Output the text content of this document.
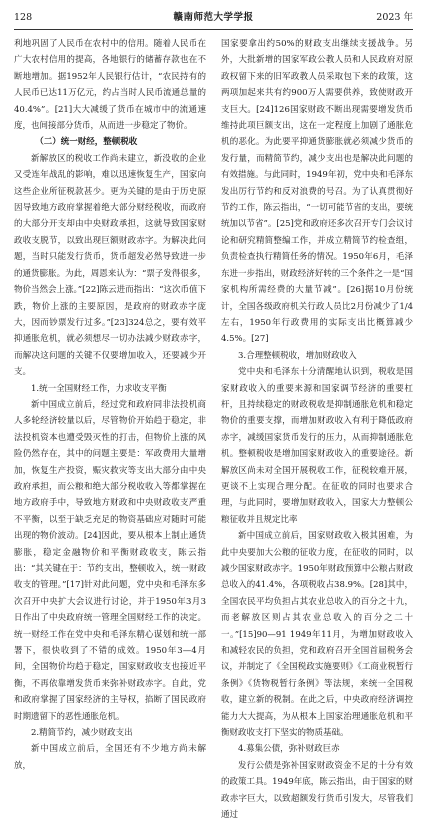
128	赣南师范大学学报	2023 年

利地巩固了人民币在农村中的信用。随着人民币在广大农村信用的提高，各地银行的储蓄存款也在不断地增加。据1952年人民银行估计，“农民持有的人民币已达11万亿元，约占当时人民币流通总量的40.4%”。[21]大大减缓了货币在城市中的流通速度，也间接部分货币，从而进一步稳定了物价。

（二）统一财经，整顿税收

新解放区的税收工作尚未建立，新没收的企业又受连年战乱的影响，难以迅速恢复生产，国家向这些企业所征税款甚少。更为关键的是由于历史原因导致地方政府掌握着绝大部分财经税收，而政府的大部分开支却由中央财政承担，这就导致国家财政收支脱节，以致出现巨额财政赤字。为解决此问题，当时只能发行货币，货币超发必然导致进一步的通货膨胀。为此，周恩来认为：“票子发得很多，物价当然会上涨。”[22]陈云进而指出：“这次币值下跌，物价上涨的主要原因，是政府的财政赤字庞大，因而钞票发行过多。”[23]324总之，要有效平抑通胀危机，就必须想尽一切办法减少财政赤字，而解决这问题的关键不仅要增加收入，还要减少开支。

1.统一全国财经工作，力求收支平衡

新中国成立前后，经过党和政府同非法投机商人多轮经济较量以后，尽管物价开始趋于稳定，非法投机资本也遭受毁灭性的打击，但物价上涨的风险仍然存在，其中的问题主要是：军政费用大量增加，恢复生产投资，赈灾救灾等支出大部分由中央政府承担，而公粮和绝大部分税收收入等都掌握在地方政府手中，导致地方财政和中央财政收支严重不平衡，以至于缺乏充足的物资基础应对随时可能出现的物价波动。[24]因此，要从根本上制止通货膨胀，稳定金融物价和平衡财政收支，陈云指出：“其关键在于：节约支出，整顿收入，统一财政收支的管理。”[17]针对此问题，党中央和毛泽东多次召开中央扩大会议进行讨论，并于1950年3月3日作出了中央政府统一管理全国财经工作的决定。统一财经工作在党中央和毛泽东精心谋划和统一部署下，很快收到了不错的成效。1950年3—4月间，全国物价均趋于稳定，国家财政收支也接近平衡，不再依靠增发货币来弥补财政赤字。自此，党和政府掌握了国家经济的主导权，掐断了国民政府时期遗留下的恶性通胀危机。

2.精简节约，减少财政支出

新中国成立前后，全国还有不少地方尚未解放，

国家要拿出约50%的财政支出继续支援战争。另外，大批新增的国家军政公教人员和人民政府对原政权留下来的旧军政教人员采取包下来的政策，这两项加起来共有约900万人需要供养，致使财政开支巨大。[24]126国家财政不断出现需要增发货币维持此项巨额支出，这在一定程度上加剧了通胀危机的恶化。为此要平抑通货膨胀就必须减少货币的发行量，而精简节约，减少支出也是解决此问题的有效措施。与此同时，1949年初，党中央和毛泽东发出厉行节约和反对浪费的号召。为了认真贯彻好节约工作，陈云指出，“一切可能节省的支出，要统统加以节省”。[25]党和政府还多次召开专门会议讨论和研究精简整编工作，并成立精简节约检查组，负责检查执行精简任务的情况。1950年6月，毛泽东进一步指出，财政经济好转的三个条件之一是“国家机构所需经费的大量节减”。[26]据10月份统计，全国各级政府机关行政人员比2月份减少了1/4左右，1950年行政费用的实际支出比概算减少4.5%。[27]

3.合理整顿税收，增加财政收入

党中央和毛泽东十分清醒地认识到，税收是国家财政收入的重要来源和国家调节经济的重要杠杆，且持续稳定的财政税收是抑制通胀危机和稳定物价的重要支撑，而增加财政收入有利于降低政府赤字，减缓国家货币发行的压力，从而抑制通胀危机。整顿税收是增加国家财政收入的重要途径。新解放区尚未对全国开展税收工作，征税较难开展，更谈不上实现合理分配。在征收的同时也要求合理，与此同时，要增加财政收入，国家大力整顿公粮征收并且规定比率

新中国成立前后，国家财政收入极其困难，为此中央要加大公粮的征收力度，在征收的同时，以减少国家财政赤字。1950年财政预算中公粮占财政总收入的41.4%，各项税收占38.9%。[28]其中，全国农民平均负担占其农业总收入的百分之十九，而老解放区则占其农业总收入的百分之二十一。”[15]90—91 1949年11月，为增加财政收入和减轻农民的负担，党和政府召开全国首届税务会议，并制定了《全国税政实施要则》《工商业税暂行条例》《货物税暂行条例》等法规，来统一全国税收，建立新的税制。在此之后，中央政府经济调控能力大大提高，为从根本上国家治理通胀危机和平衡财政收支打下坚实的物质基础。

4.募集公债，弥补财政巨赤

发行公债是弥补国家财政资金不足的十分有效的政策工具。1949年底，陈云指出，由于国家的财政赤字巨大，以致超额发行货币引发大，尽管我们通过
